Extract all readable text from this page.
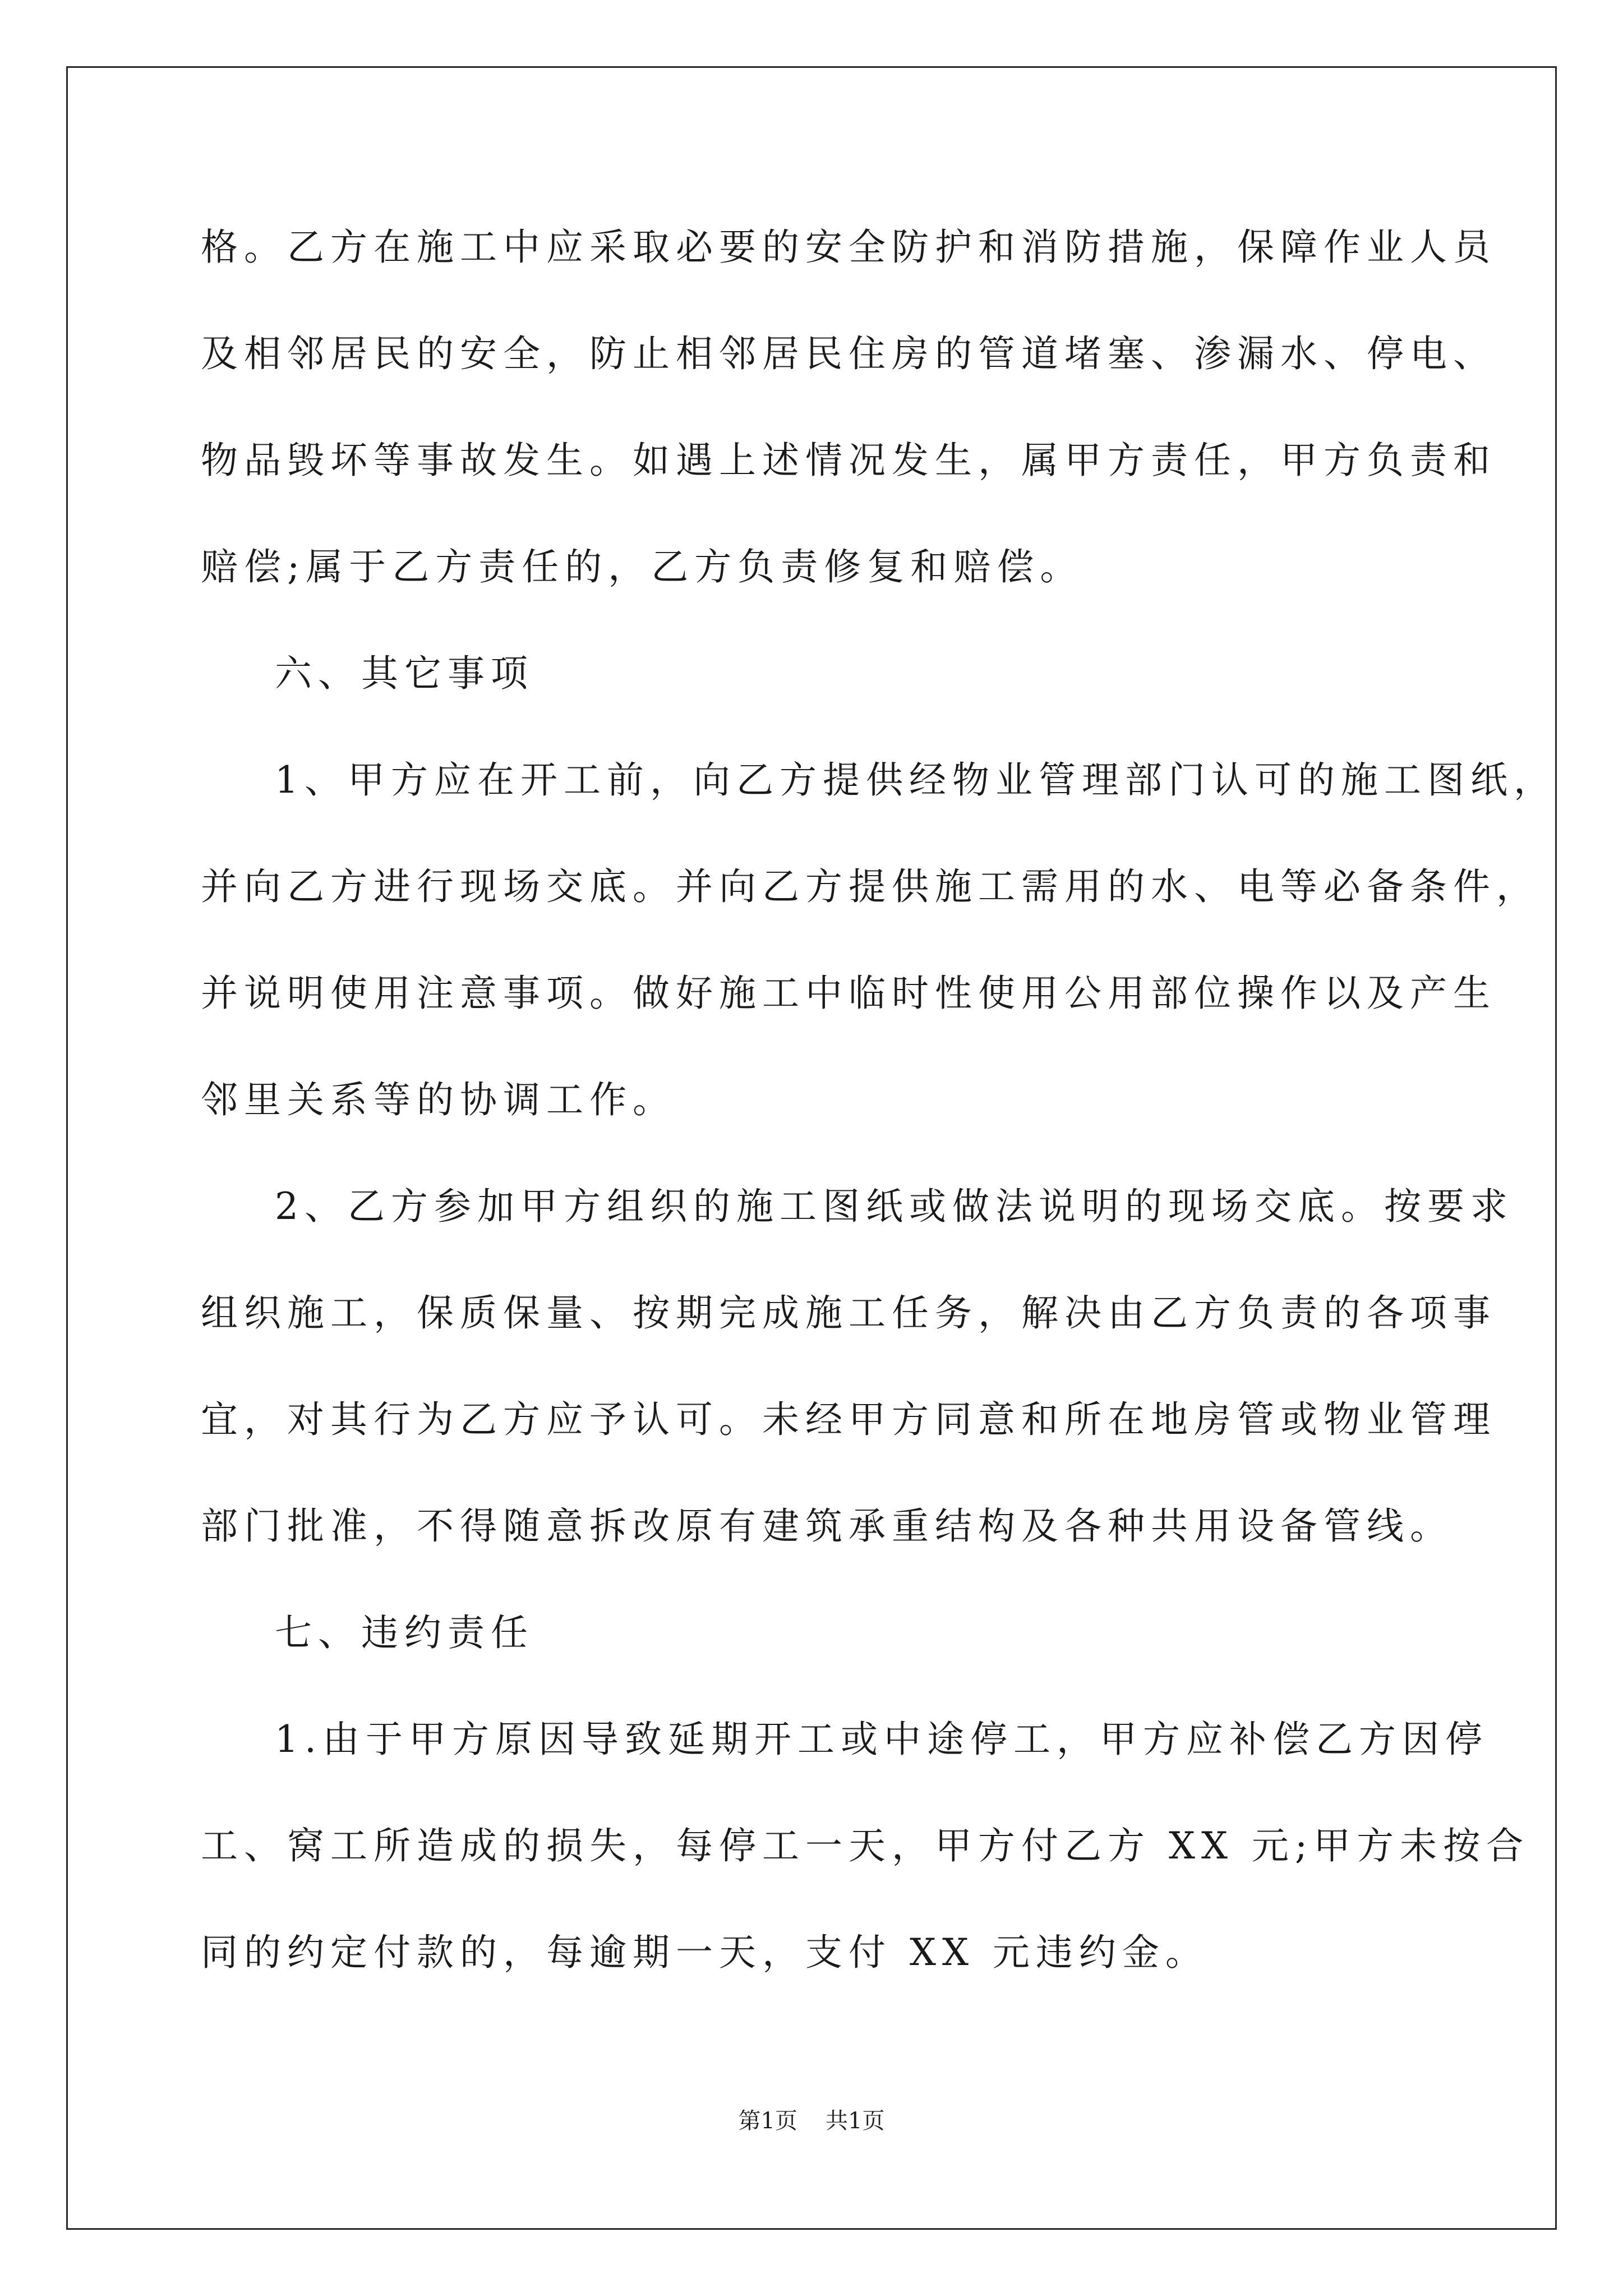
格。乙方在施工中应采取必要的安全防护和消防措施，保障作业人员
及相邻居民的安全，防止相邻居民住房的管道堵塞、渗漏水、停电、
物品毁坏等事故发生。如遇上述情况发生，属甲方责任，甲方负责和
赔偿;属于乙方责任的，乙方负责修复和赔偿。
六、其它事项
1、甲方应在开工前，向乙方提供经物业管理部门认可的施工图纸，
并向乙方进行现场交底。并向乙方提供施工需用的水、电等必备条件，
并说明使用注意事项。做好施工中临时性使用公用部位操作以及产生
邻里关系等的协调工作。
2、乙方参加甲方组织的施工图纸或做法说明的现场交底。按要求
组织施工，保质保量、按期完成施工任务，解决由乙方负责的各项事
宜，对其行为乙方应予认可。未经甲方同意和所在地房管或物业管理
部门批准，不得随意拆改原有建筑承重结构及各种共用设备管线。
七、违约责任
1.由于甲方原因导致延期开工或中途停工，甲方应补偿乙方因停
工、窝工所造成的损失，每停工一天，甲方付乙方 XX 元;甲方未按合
同的约定付款的，每逾期一天，支付 XX 元违约金。
第1页 共1页
